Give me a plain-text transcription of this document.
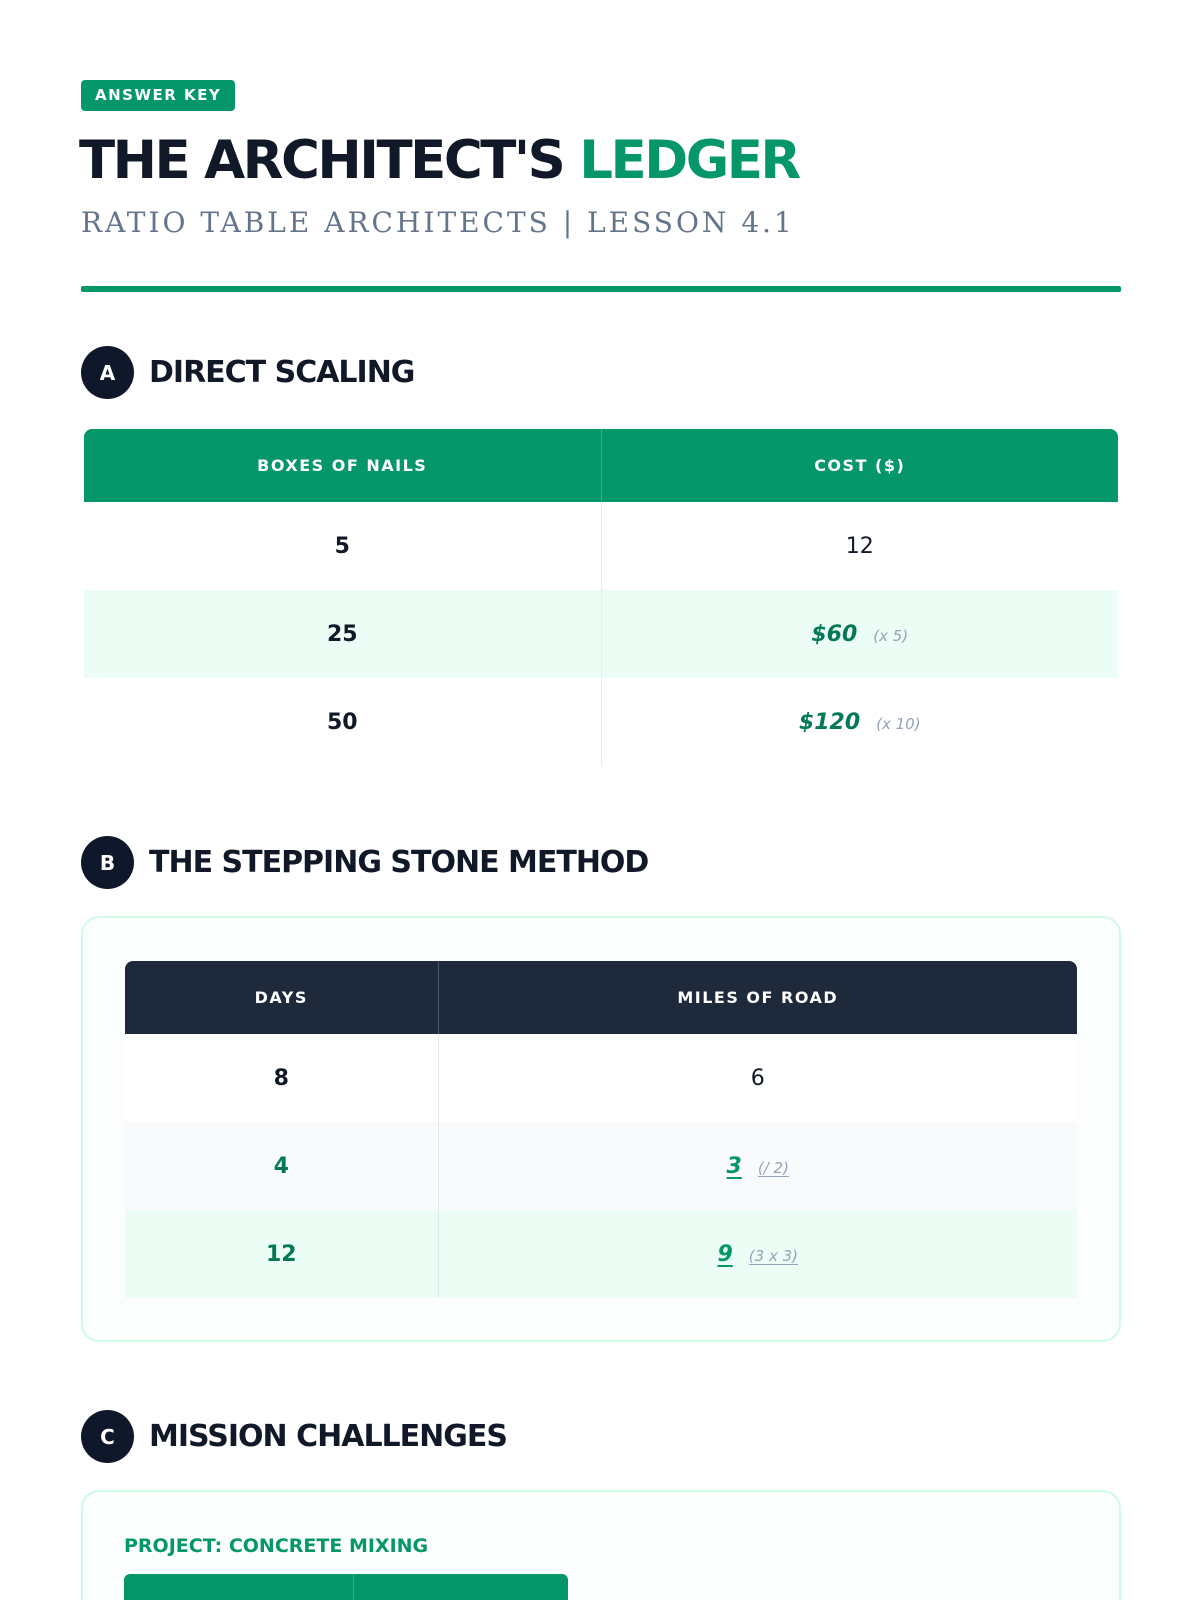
ANSWER KEY
THE ARCHITECT'S LEDGER
RATIO TABLE ARCHITECTS | LESSON 4.1
A	DIRECT SCALING
BOXES OF NAILS	COST ($)
5	12
25	$60 (x 5)
50	$120 (x 10)
B	THE STEPPING STONE METHOD
DAYS	MILES OF ROAD
8	6
4	3 (/ 2)
12	9 (3 x 3)
C	MISSION CHALLENGES
PROJECT: CONCRETE MIXING
